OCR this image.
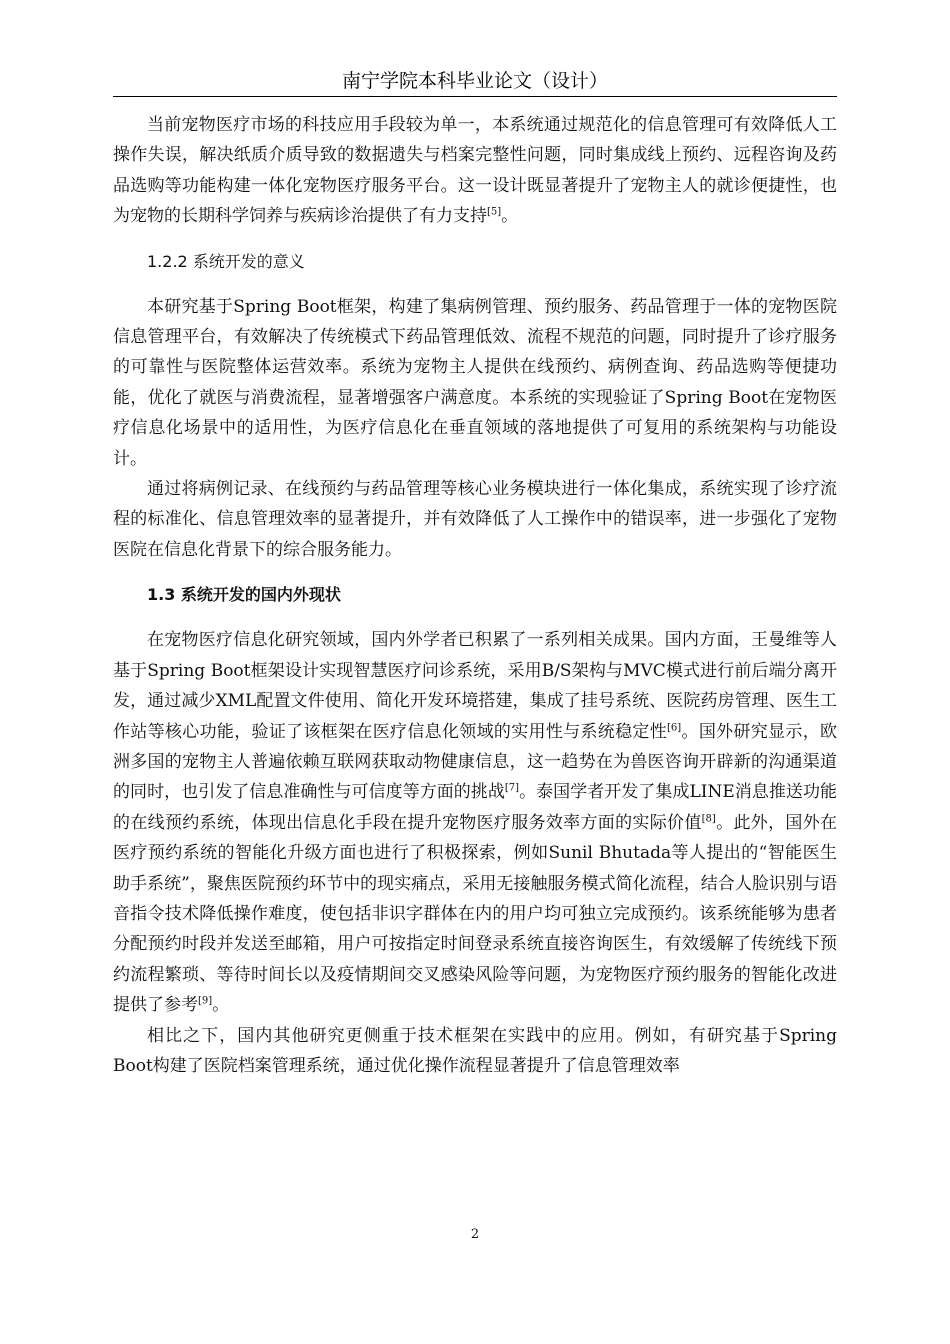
南宁学院本科毕业论文（设计）

当前宠物医疗市场的科技应用手段较为单一，本系统通过规范化的信息管理可有效降低人工操作失误，解决纸质介质导致的数据遗失与档案完整性问题，同时集成线上预约、远程咨询及药品选购等功能构建一体化宠物医疗服务平台。这一设计既显著提升了宠物主人的就诊便捷性，也为宠物的长期科学饲养与疾病诊治提供了有力支持[5]。

1.2.2 系统开发的意义

本研究基于Spring Boot框架，构建了集病例管理、预约服务、药品管理于一体的宠物医院信息管理平台，有效解决了传统模式下药品管理低效、流程不规范的问题，同时提升了诊疗服务的可靠性与医院整体运营效率。系统为宠物主人提供在线预约、病例查询、药品选购等便捷功能，优化了就医与消费流程，显著增强客户满意度。本系统的实现验证了Spring Boot在宠物医疗信息化场景中的适用性，为医疗信息化在垂直领域的落地提供了可复用的系统架构与功能设计。

通过将病例记录、在线预约与药品管理等核心业务模块进行一体化集成，系统实现了诊疗流程的标准化、信息管理效率的显著提升，并有效降低了人工操作中的错误率，进一步强化了宠物医院在信息化背景下的综合服务能力。

1.3 系统开发的国内外现状

在宠物医疗信息化研究领域，国内外学者已积累了一系列相关成果。国内方面，王曼维等人基于Spring Boot框架设计实现智慧医疗问诊系统，采用B/S架构与MVC模式进行前后端分离开发，通过减少XML配置文件使用、简化开发环境搭建，集成了挂号系统、医院药房管理、医生工作站等核心功能，验证了该框架在医疗信息化领域的实用性与系统稳定性[6]。国外研究显示，欧洲多国的宠物主人普遍依赖互联网获取动物健康信息，这一趋势在为兽医咨询开辟新的沟通渠道的同时，也引发了信息准确性与可信度等方面的挑战[7]。泰国学者开发了集成LINE消息推送功能的在线预约系统，体现出信息化手段在提升宠物医疗服务效率方面的实际价值[8]。此外，国外在医疗预约系统的智能化升级方面也进行了积极探索，例如Sunil Bhutada等人提出的“智能医生助手系统”，聚焦医院预约环节中的现实痛点，采用无接触服务模式简化流程，结合人脸识别与语音指令技术降低操作难度，使包括非识字群体在内的用户均可独立完成预约。该系统能够为患者分配预约时段并发送至邮箱，用户可按指定时间登录系统直接咨询医生，有效缓解了传统线下预约流程繁琐、等待时间长以及疫情期间交叉感染风险等问题，为宠物医疗预约服务的智能化改进提供了参考[9]。

相比之下，国内其他研究更侧重于技术框架在实践中的应用。例如，有研究基于Spring Boot构建了医院档案管理系统，通过优化操作流程显著提升了信息管理效率

2
